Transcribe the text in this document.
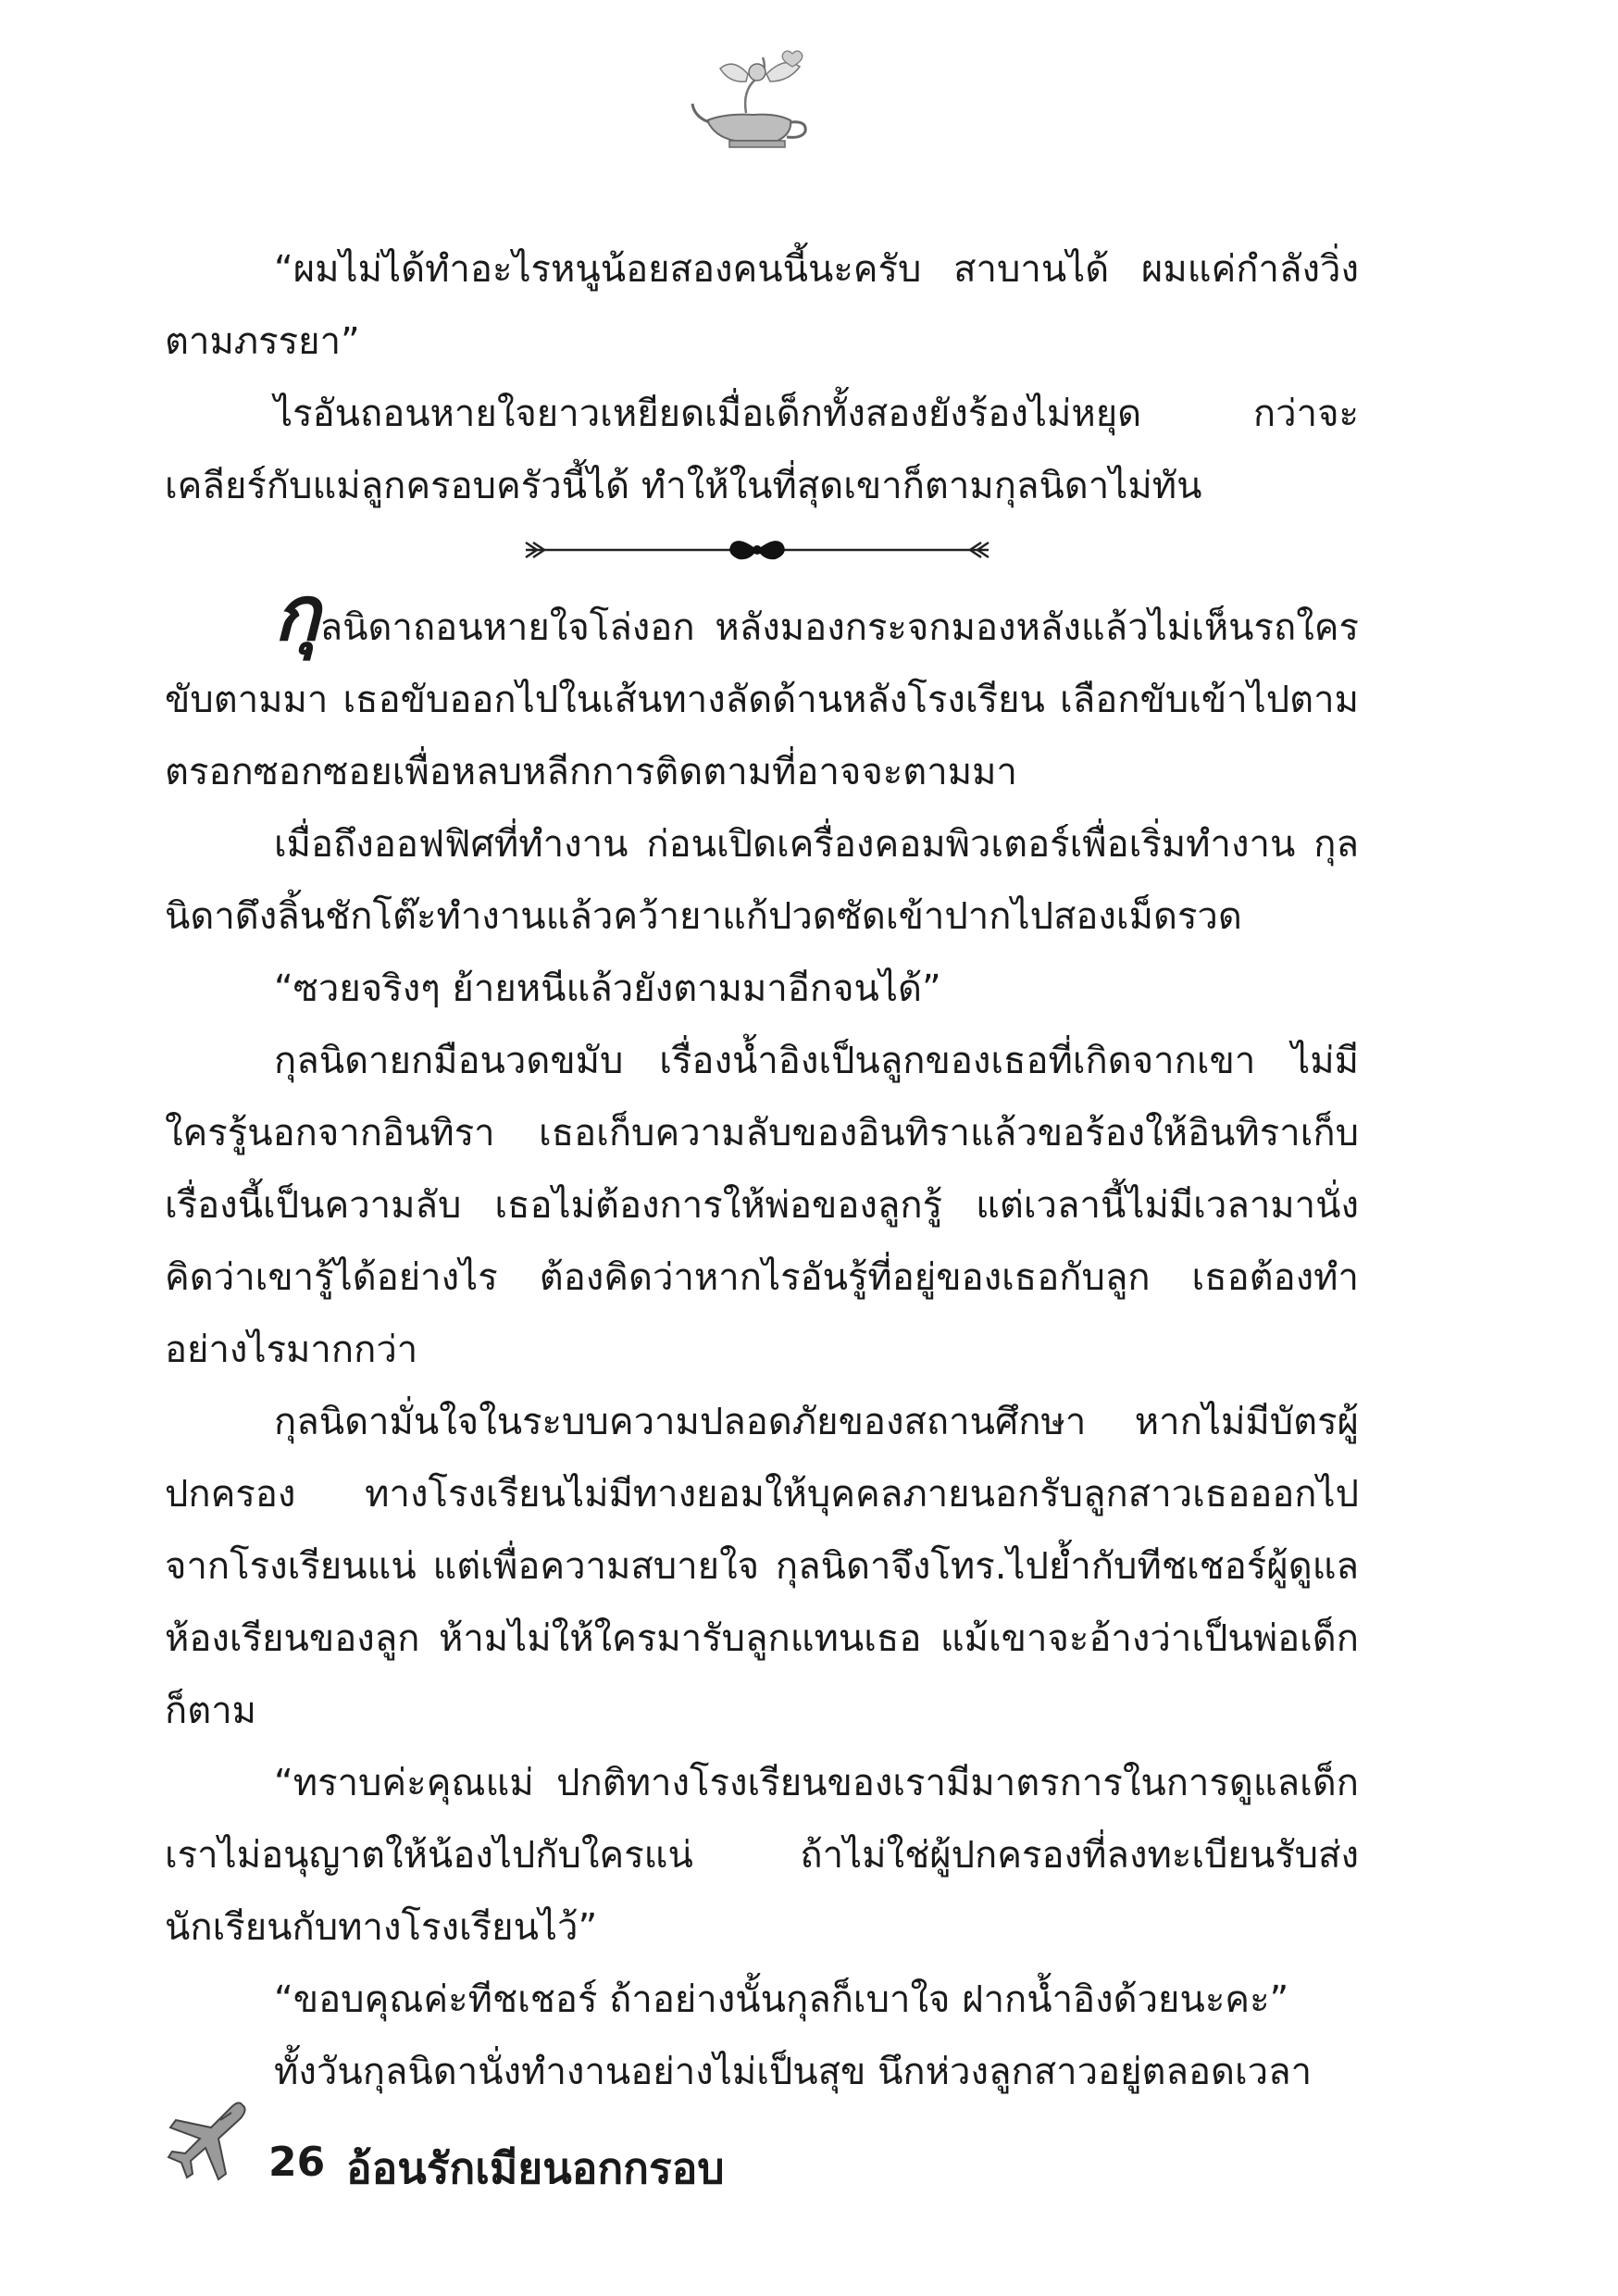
“ผมไม่ได้ทำอะไรหนูน้อยสองคนนี้นะครับ สาบานได้ ผมแค่กำลังวิ่งตามภรรยา”

ไรอันถอนหายใจยาวเหยียดเมื่อเด็กทั้งสองยังร้องไม่หยุด กว่าจะเคลียร์กับแม่ลูกครอบครัวนี้ได้ ทำให้ในที่สุดเขาก็ตามกุลนิดาไม่ทัน

กุลนิดาถอนหายใจโล่งอก หลังมองกระจกมองหลังแล้วไม่เห็นรถใครขับตามมา เธอขับออกไปในเส้นทางลัดด้านหลังโรงเรียน เลือกขับเข้าไปตามตรอกซอกซอยเพื่อหลบหลีกการติดตามที่อาจจะตามมา

เมื่อถึงออฟฟิศที่ทำงาน ก่อนเปิดเครื่องคอมพิวเตอร์เพื่อเริ่มทำงาน กุลนิดาดึงลิ้นชักโต๊ะทำงานแล้วคว้ายาแก้ปวดซัดเข้าปากไปสองเม็ดรวด

“ซวยจริงๆ ย้ายหนีแล้วยังตามมาอีกจนได้”

กุลนิดายกมือนวดขมับ เรื่องน้ำอิงเป็นลูกของเธอที่เกิดจากเขา ไม่มีใครรู้นอกจากอินทิรา เธอเก็บความลับของอินทิราแล้วขอร้องให้อินทิราเก็บเรื่องนี้เป็นความลับ เธอไม่ต้องการให้พ่อของลูกรู้ แต่เวลานี้ไม่มีเวลามานั่งคิดว่าเขารู้ได้อย่างไร ต้องคิดว่าหากไรอันรู้ที่อยู่ของเธอกับลูก เธอต้องทำอย่างไรมากกว่า

กุลนิดามั่นใจในระบบความปลอดภัยของสถานศึกษา หากไม่มีบัตรผู้ปกครอง ทางโรงเรียนไม่มีทางยอมให้บุคคลภายนอกรับลูกสาวเธอออกไปจากโรงเรียนแน่ แต่เพื่อความสบายใจ กุลนิดาจึงโทร.ไปย้ำกับทีชเชอร์ผู้ดูแลห้องเรียนของลูก ห้ามไม่ให้ใครมารับลูกแทนเธอ แม้เขาจะอ้างว่าเป็นพ่อเด็กก็ตาม

“ทราบค่ะคุณแม่ ปกติทางโรงเรียนของเรามีมาตรการในการดูแลเด็กเราไม่อนุญาตให้น้องไปกับใครแน่ ถ้าไม่ใช่ผู้ปกครองที่ลงทะเบียนรับส่งนักเรียนกับทางโรงเรียนไว้”

“ขอบคุณค่ะทีชเชอร์ ถ้าอย่างนั้นกุลก็เบาใจ ฝากน้ำอิงด้วยนะคะ”

ทั้งวันกุลนิดานั่งทำงานอย่างไม่เป็นสุข นึกห่วงลูกสาวอยู่ตลอดเวลา

26 อ้อนรักเมียนอกกรอบ
